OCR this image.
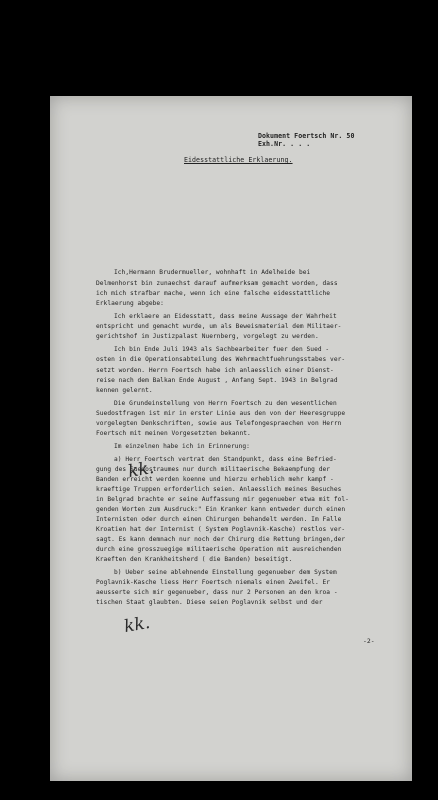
Dokument Foertsch Nr. 50
Exh.Nr. . . .
Eidesstattliche Erklaerung.
Ich,Hermann Brudermueller, wohnhaft in Adelheide bei
Delmenhorst bin zunaechst darauf aufmerksam gemacht worden, dass
ich mich strafbar mache, wenn ich eine falsche eidesstattliche
Erklaerung abgebe:
Ich erklaere an Eidesstatt, dass meine Aussage der Wahrheit
entspricht und gemacht wurde, um als Beweismaterial dem Militaer-
gerichtshof im Justizpalast Nuernberg, vorgelegt zu werden.
Ich bin Ende Juli 1943 als Sachbearbeiter fuer den Sued -
osten in die Operationsabteilung des Wehrmachtfuehrungsstabes ver-
setzt worden. Herrn Foertsch habe ich anlaesslich einer Dienst-
reise nach dem Balkan Ende August , Anfang Sept. 1943 in Belgrad
kennen gelernt.
Die Grundeinstellung von Herrn Foertsch zu den wesentlichen
Suedostfragen ist mir in erster Linie aus den von der Heeresgruppe
vorgelegten Denkschriften, sowie aus Telefongespraechen von Herrn
Foertsch mit meinen Vorgesetzten bekannt.
Im einzelnen habe ich in Erinnerung:
a) Herr Foertsch vertrat den Standpunkt, dass eine Befried-
gung des Suedostraumes nur durch militaerische Bekaempfung der
Banden erreicht werden koenne und hierzu erheblich mehr kampf -
kraeftige Truppen erforderlich seien. Anlaesslich meines Besuches
in Belgrad brachte er seine Auffassung mir gegenueber etwa mit fol-
genden Worten zum Ausdruck:" Ein Kranker kann entweder durch einen
Internisten oder durch einen Chirurgen behandelt werden. Im Falle
Kroatien hat der Internist ( System Poglavnik-Kasche) restlos ver-
sagt. Es kann demnach nur noch der Chirurg die Rettung bringen,der
durch eine grosszuegige militaerische Operation mit ausreichenden
Kraeften den Krankheitsherd ( die Banden) beseitigt.
b) Ueber seine ablehnende Einstellung gegenueber dem System
Poglavnik-Kasche liess Herr Foertsch niemals einen Zweifel. Er
aeusserte sich mir gegenueber, dass nur 2 Personen an den kroa -
tischen Staat glaubten. Diese seien Poglavnik selbst und der
-2-
kk.
kk.
